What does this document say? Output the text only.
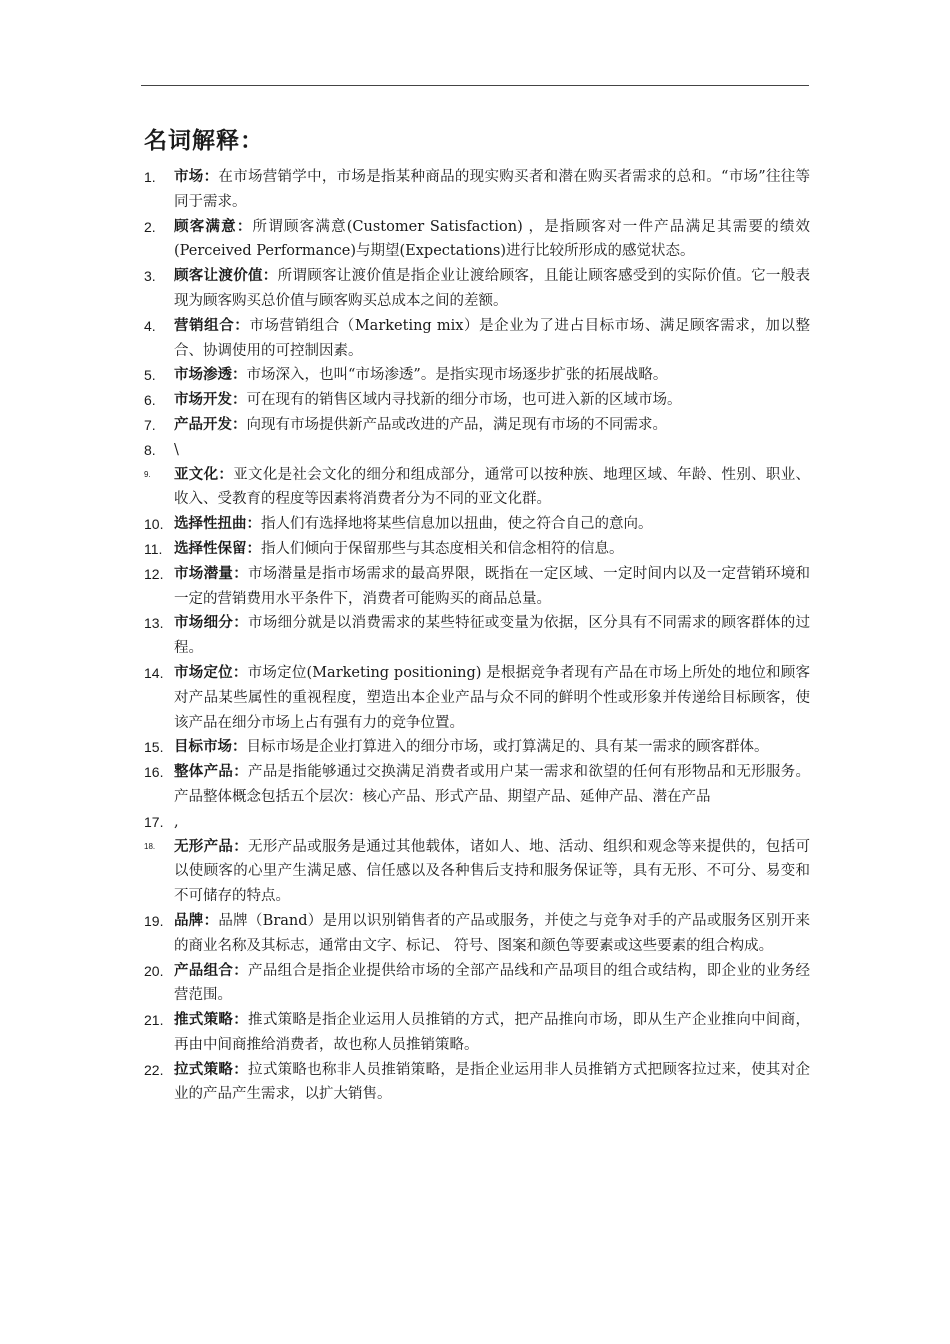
名词解释：
1. 市场：在市场营销学中，市场是指某种商品的现实购买者和潜在购买者需求的总和。“市场”往往等同于需求。
2. 顾客满意：所谓顾客满意(Customer Satisfaction) ，是指顾客对一件产品满足其需要的绩效(Perceived Performance)与期望(Expectations)进行比较所形成的感觉状态。
3. 顾客让渡价值：所谓顾客让渡价值是指企业让渡给顾客，且能让顾客感受到的实际价值。它一般表现为顾客购买总价值与顾客购买总成本之间的差额。
4. 营销组合：市场营销组合（Marketing mix）是企业为了进占目标市场、满足顾客需求，加以整合、协调使用的可控制因素。
5. 市场渗透：市场深入，也叫“市场渗透”。是指实现市场逐步扩张的拓展战略。
6. 市场开发：可在现有的销售区域内寻找新的细分市场，也可进入新的区域市场。
7. 产品开发：向现有市场提供新产品或改进的产品，满足现有市场的不同需求。
8. \
9. 亚文化：亚文化是社会文化的细分和组成部分，通常可以按种族、地理区域、年龄、性别、职业、收入、受教育的程度等因素将消费者分为不同的亚文化群。
10. 选择性扭曲：指人们有选择地将某些信息加以扭曲，使之符合自己的意向。
11. 选择性保留：指人们倾向于保留那些与其态度相关和信念相符的信息。
12. 市场潜量：市场潜量是指市场需求的最高界限，既指在一定区域、一定时间内以及一定营销环境和一定的营销费用水平条件下，消费者可能购买的商品总量。
13. 市场细分：市场细分就是以消费需求的某些特征或变量为依据，区分具有不同需求的顾客群体的过程。
14. 市场定位：市场定位(Marketing positioning) 是根据竞争者现有产品在市场上所处的地位和顾客对产品某些属性的重视程度，塑造出本企业产品与众不同的鲜明个性或形象并传递给目标顾客，使该产品在细分市场上占有强有力的竞争位置。
15. 目标市场：目标市场是企业打算进入的细分市场，或打算满足的、具有某一需求的顾客群体。
16. 整体产品：产品是指能够通过交换满足消费者或用户某一需求和欲望的任何有形物品和无形服务。产品整体概念包括五个层次：核心产品、形式产品、期望产品、延伸产品、潜在产品
17. ,
18. 无形产品：无形产品或服务是通过其他载体，诸如人、地、活动、组织和观念等来提供的，包括可以使顾客的心里产生满足感、信任感以及各种售后支持和服务保证等，具有无形、不可分、易变和不可储存的特点。
19. 品牌：品牌（Brand）是用以识别销售者的产品或服务，并使之与竞争对手的产品或服务区别开来的商业名称及其标志，通常由文字、标记、 符号、图案和颜色等要素或这些要素的组合构成。
20. 产品组合：产品组合是指企业提供给市场的全部产品线和产品项目的组合或结构，即企业的业务经营范围。
21. 推式策略：推式策略是指企业运用人员推销的方式，把产品推向市场，即从生产企业推向中间商，再由中间商推给消费者，故也称人员推销策略。
22. 拉式策略：拉式策略也称非人员推销策略，是指企业运用非人员推销方式把顾客拉过来，使其对企业的产品产生需求，以扩大销售。
